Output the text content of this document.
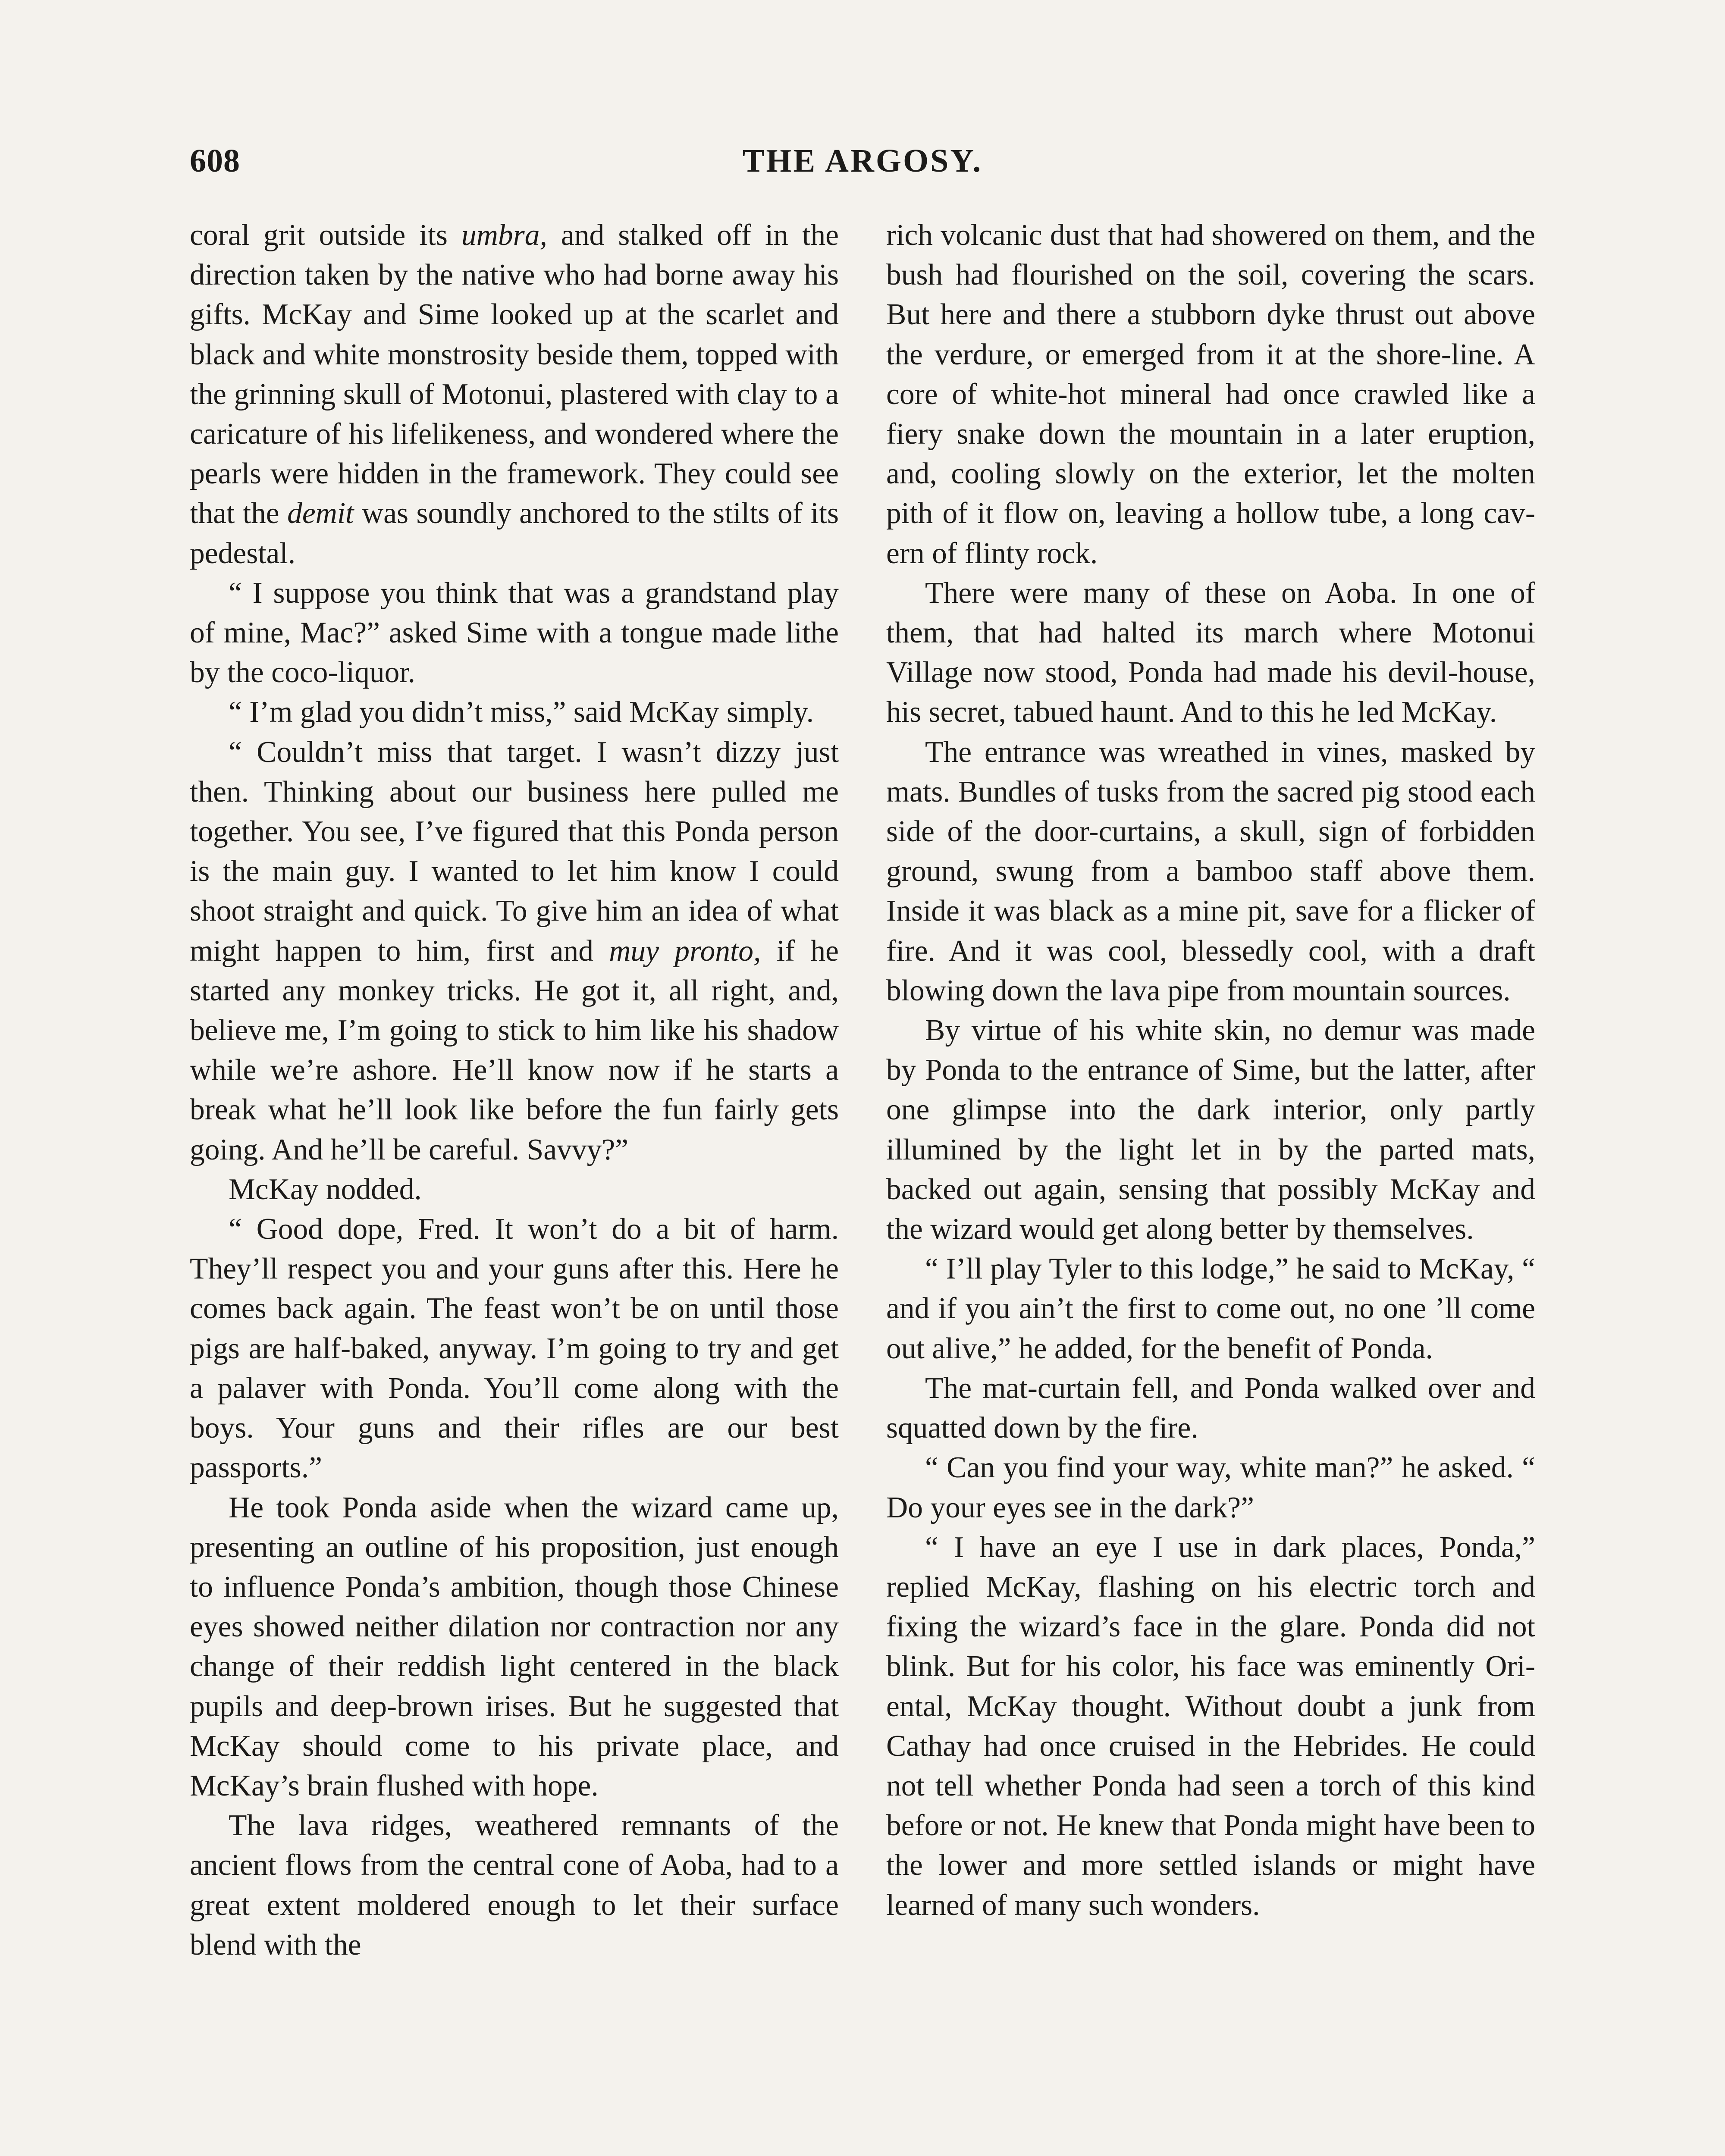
608	THE ARGOSY.

coral grit outside its umbra, and stalked off in the direction taken by the native who had borne away his gifts. McKay and Sime looked up at the scarlet and black and white monstrosity beside them, topped with the grinning skull of Motonui, plastered with clay to a caricature of his lifelikeness, and wondered where the pearls were hidden in the framework. They could see that the demit was soundly anchored to the stilts of its pedestal.

“ I suppose you think that was a grandstand play of mine, Mac?” asked Sime with a tongue made lithe by the coco-liquor.

“ I’m glad you didn’t miss,” said McKay simply.

“ Couldn’t miss that target. I wasn’t dizzy just then. Thinking about our business here pulled me together. You see, I’ve figured that this Ponda person is the main guy. I wanted to let him know I could shoot straight and quick. To give him an idea of what might happen to him, first and muy pronto, if he started any monkey tricks. He got it, all right, and, believe me, I’m going to stick to him like his shadow while we’re ashore. He’ll know now if he starts a break what he’ll look like before the fun fairly gets going. And he’ll be careful. Savvy?”

McKay nodded.

“ Good dope, Fred. It won’t do a bit of harm. They’ll respect you and your guns after this. Here he comes back again. The feast won’t be on until those pigs are half-baked, anyway. I’m going to try and get a palaver with Ponda. You’ll come along with the boys. Your guns and their rifles are our best passports.”

He took Ponda aside when the wizard came up, presenting an outline of his proposition, just enough to influence Ponda’s ambition, though those Chinese eyes showed neither dilation nor contraction nor any change of their reddish light centered in the black pupils and deep-brown irises. But he suggested that McKay should come to his private place, and McKay’s brain flushed with hope.

The lava ridges, weathered remnants of the ancient flows from the central cone of Aoba, had to a great extent moldered enough to let their surface blend with the

rich volcanic dust that had showered on them, and the bush had flourished on the soil, covering the scars. But here and there a stubborn dyke thrust out above the verdure, or emerged from it at the shore-line. A core of white-hot mineral had once crawled like a fiery snake down the mountain in a later eruption, and, cooling slowly on the exterior, let the molten pith of it flow on, leaving a hollow tube, a long cavern of flinty rock.

There were many of these on Aoba. In one of them, that had halted its march where Motonui Village now stood, Ponda had made his devil-house, his secret, tabued haunt. And to this he led McKay.

The entrance was wreathed in vines, masked by mats. Bundles of tusks from the sacred pig stood each side of the door-curtains, a skull, sign of forbidden ground, swung from a bamboo staff above them. Inside it was black as a mine pit, save for a flicker of fire. And it was cool, blessedly cool, with a draft blowing down the lava pipe from mountain sources.

By virtue of his white skin, no demur was made by Ponda to the entrance of Sime, but the latter, after one glimpse into the dark interior, only partly illumined by the light let in by the parted mats, backed out again, sensing that possibly McKay and the wizard would get along better by themselves.

“ I’ll play Tyler to this lodge,” he said to McKay, “ and if you ain’t the first to come out, no one ’ll come out alive,” he added, for the benefit of Ponda.

The mat-curtain fell, and Ponda walked over and squatted down by the fire.

“ Can you find your way, white man?” he asked. “ Do your eyes see in the dark?”

“ I have an eye I use in dark places, Ponda,” replied McKay, flashing on his electric torch and fixing the wizard’s face in the glare. Ponda did not blink. But for his color, his face was eminently Oriental, McKay thought. Without doubt a junk from Cathay had once cruised in the Hebrides. He could not tell whether Ponda had seen a torch of this kind before or not. He knew that Ponda might have been to the lower and more settled islands or might have learned of many such wonders.
